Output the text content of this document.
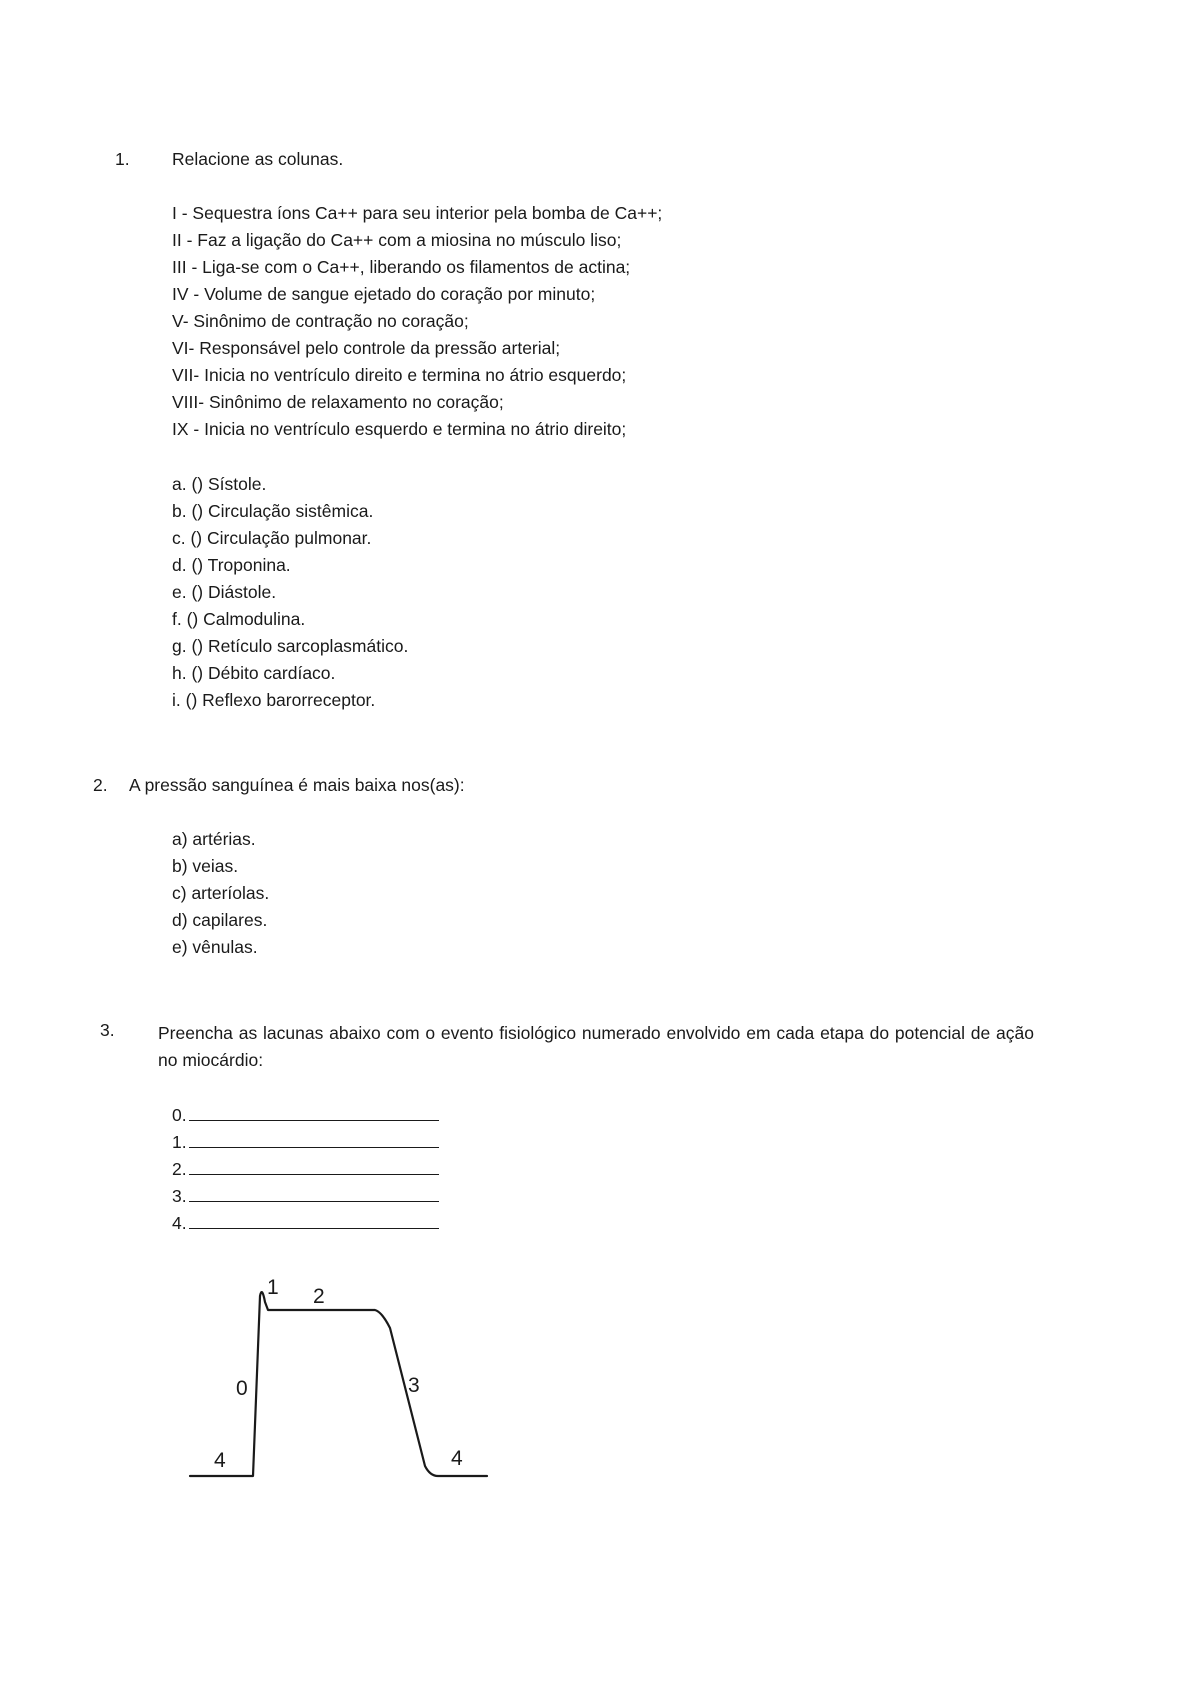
1. Relacione as colunas.
I - Sequestra íons Ca++ para seu interior pela bomba de Ca++;
II - Faz a ligação do Ca++ com a miosina no músculo liso;
III - Liga-se com o Ca++, liberando os filamentos de actina;
IV - Volume de sangue ejetado do coração por minuto;
V- Sinônimo de contração no coração;
VI- Responsável pelo controle da pressão arterial;
VII- Inicia no ventrículo direito e termina no átrio esquerdo;
VIII- Sinônimo de relaxamento no coração;
IX - Inicia no ventrículo esquerdo e termina no átrio direito;
a. () Sístole.
b. () Circulação sistêmica.
c. () Circulação pulmonar.
d. () Troponina.
e. () Diástole.
f. () Calmodulina.
g. () Retículo sarcoplasmático.
h. () Débito cardíaco.
i. () Reflexo barorreceptor.
2. A pressão sanguínea é mais baixa nos(as):
a) artérias.
b) veias.
c) arteríolas.
d) capilares.
e) vênulas.
3. Preencha as lacunas abaixo com o evento fisiológico numerado envolvido em cada etapa do potencial de ação no miocárdio:
0.
1.
2.
3.
4.
0
1 2
3
4	4
